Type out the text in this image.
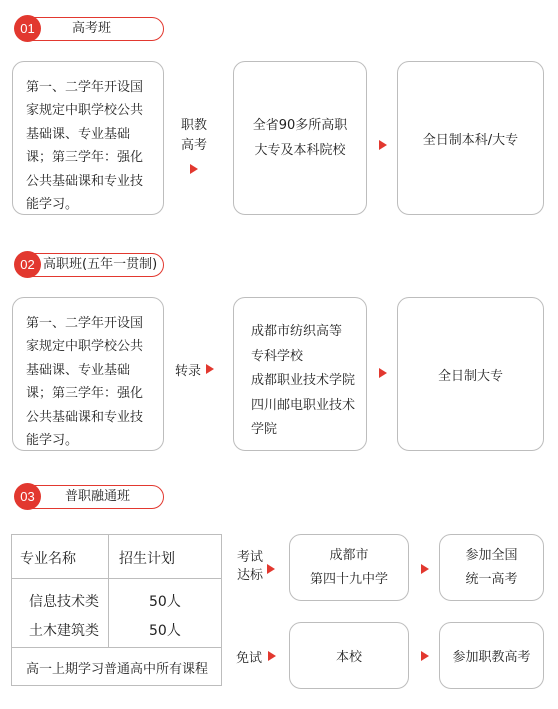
01	高考班
第一、二学年开设国
家规定中职学校公共
基础课、专业基础
课；第三学年：强化
公共基础课和专业技
能学习。
职教
高考
全省90多所高职
大专及本科院校
全日制本科/大专
02 高职班(五年一贯制)
第一、二学年开设国
家规定中职学校公共
基础课、专业基础
课；第三学年：强化
公共基础课和专业技
能学习。
转录
成都市纺织高等
专科学校
成都职业技术学院
四川邮电职业技术
学院
全日制大专
03	普职融通班
专业名称	招生计划
信息技术类	50人
土木建筑类	50人
高一上期学习普通高中所有课程
考试
达标
成都市
第四十九中学
参加全国
统一高考
免试	本校	参加职教高考
